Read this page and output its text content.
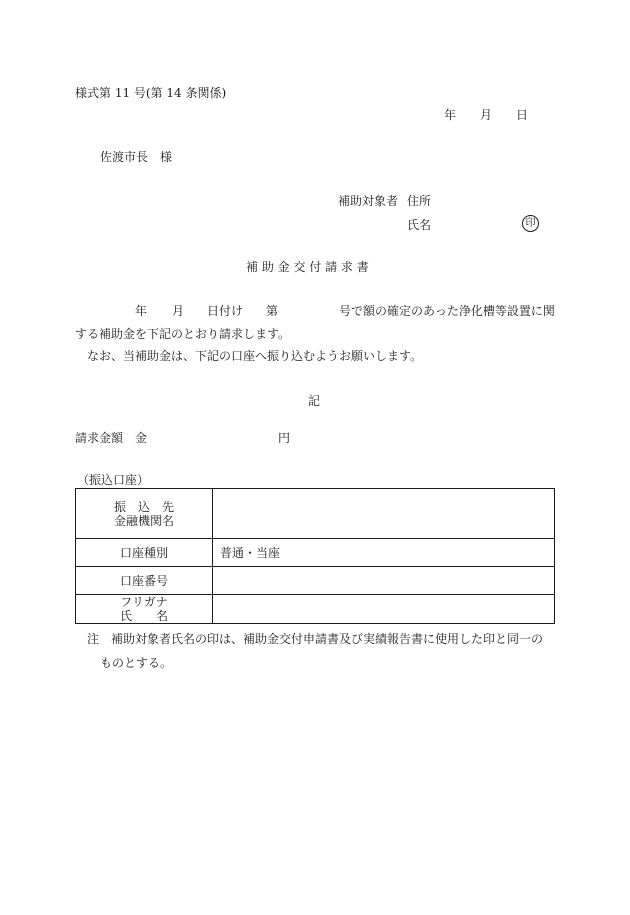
様式第 11 号(第 14 条関係)
年 月 日
佐渡市長　様
補助対象者 住所
氏名	印
補 助 金 交 付 請 求 書
年 月 日付け 第	号で額の確定のあった浄化槽等設置に関
する補助金を下記のとおり請求します。
なお、当補助金は、下記の口座へ振り込むようお願いします。
記
請求金額　金	円
（振込口座）
振　込　先
金融機関名	

口座種別	普通・当座
口座番号	

フリガナ
氏　　名	

注　補助対象者氏名の印は、補助金交付申請書及び実績報告書に使用した印と同一の
ものとする。
